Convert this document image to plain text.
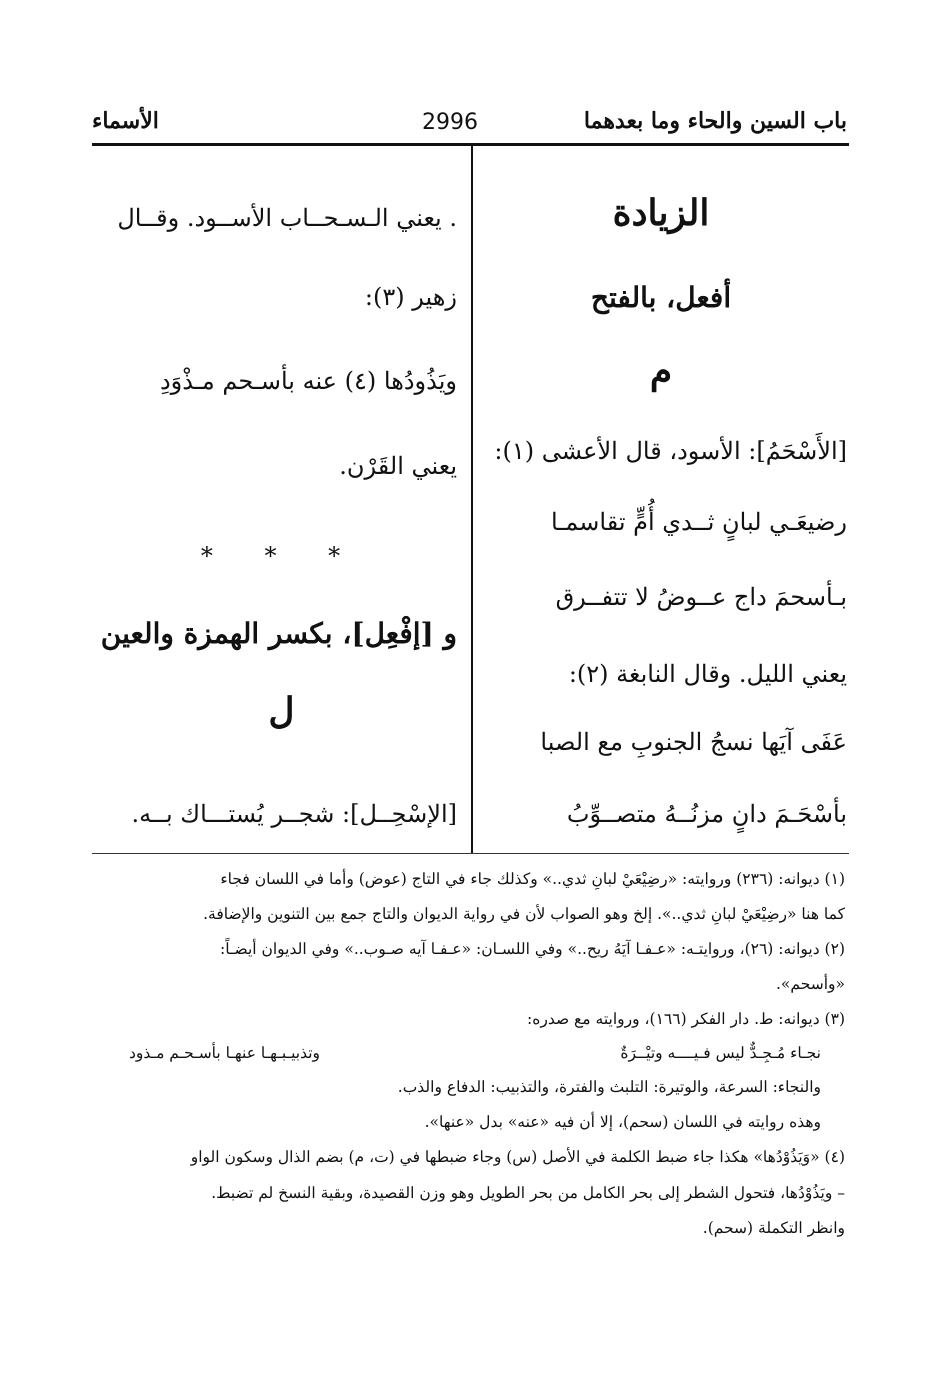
باب السين والحاء وما بعدهما
2996
الأسماء
الزيادة
أفعل، بالفتح
م
[الأَسْحَمُ]: الأسود، قال الأعشى (١):
رضيعَـي لبانٍ ثــدي أُمٍّ تقاسمـا
بـأسحمَ داج عــوضُ لا تتفــرق
يعني الليل. وقال النابغة (٢):
عَفَى آيَها نسجُ الجنوبِ مع الصبا
بأسْحَـمَ دانٍ مزنُــهُ متصــوِّبُ
. يعني الـسـحــاب الأســود. وقــال
زهير (٣):
ويَذُودُها (٤) عنه بأسـحم مـذْوَدِ
يعني القَرْن.
* * *
و [إفْعِل]، بكسر الهمزة والعين
ل
[الإسْحِــل]: شجــر يُستـــاك بــه.
(١) ديوانه: (٢٣٦) وروايته: «رضِيْعَيْ لبانِ ثدي..» وكذلك جاء في التاج (عوض) وأما في اللسان فجاء
كما هنا «رضِيْعَيْ لبانِ ثدي..». إلخ وهو الصواب لأن في رواية الديوان والتاج جمع بين التنوين والإضافة.
(٢) ديوانه: (٢٦)، وروايتـه: «عـفـا آيَهُ ريح..» وفي اللسـان: «عـفـا آيه صـوب..» وفي الديوان أيضـاً:
«وأسحم».
(٣) ديوانه: ط. دار الفكر (١٦٦)، وروايته مع صدره:
نجـاء مُـجِـدٌّ ليس فـيــــه وتيْــرَةٌ
وتذبيـبـهـا عنهـا بأسـحـم مـذود
والنجاء: السرعة، والوتيرة: التلبث والفترة، والتذبيب: الدفاع والذب.
وهذه روايته في اللسان (سحم)، إلا أن فيه «عنه» بدل «عنها».
(٤) «وَيَذُوْدُها» هكذا جاء ضبط الكلمة في الأصل (س) وجاء ضبطها في (ت، م) بضم الذال وسكون الواو
– ويَذُوْدُها، فتحول الشطر إلى بحر الكامل من بحر الطويل وهو وزن القصيدة، وبقية النسخ لم تضبط.
وانظر التكملة (سحم).
